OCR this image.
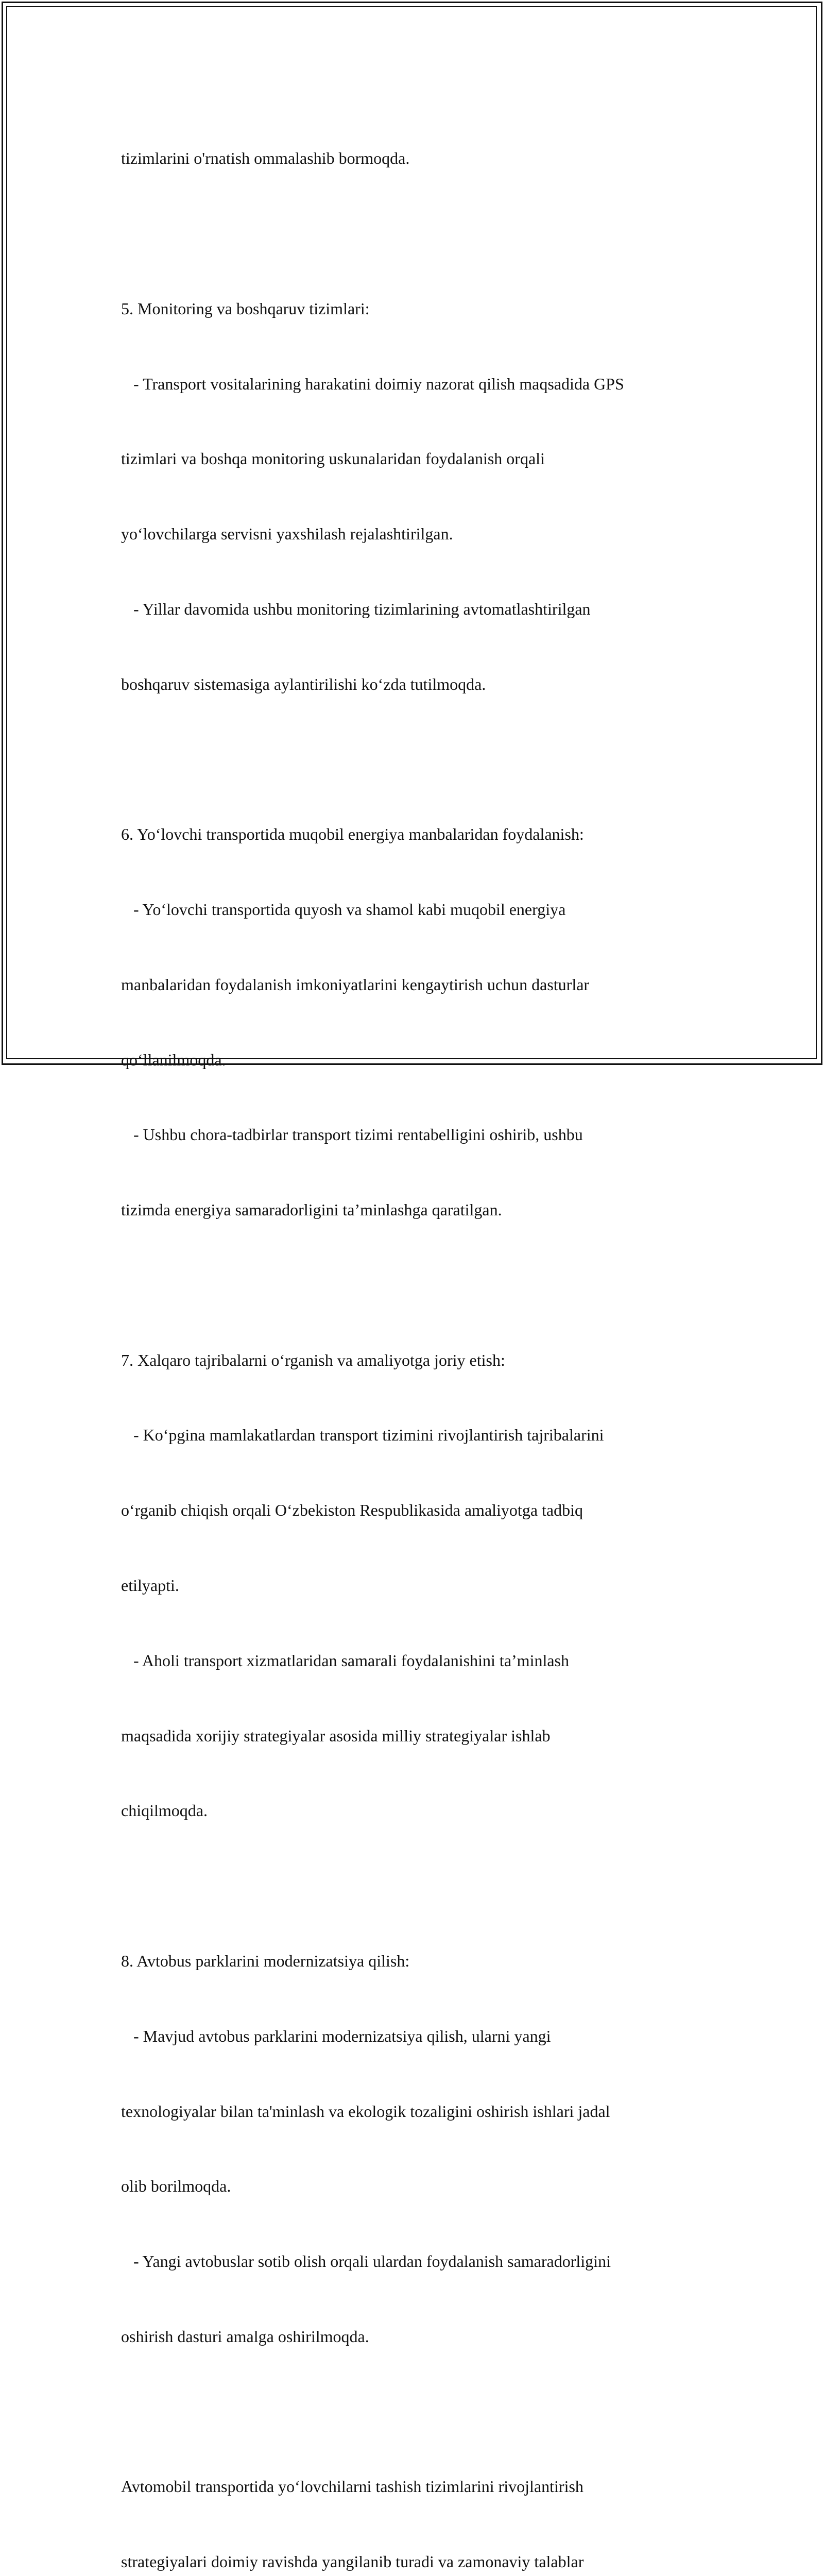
tizimlarini o'rnatish ommalashib bormoqda.

5. Monitoring va boshqaruv tizimlari:

- Transport vositalarining harakatini doimiy nazorat qilish maqsadida GPS

tizimlari va boshqa monitoring uskunalaridan foydalanish orqali

yo‘lovchilarga servisni yaxshilash rejalashtirilgan.

- Yillar davomida ushbu monitoring tizimlarining avtomatlashtirilgan

boshqaruv sistemasiga aylantirilishi ko‘zda tutilmoqda.

6. Yo‘lovchi transportida muqobil energiya manbalaridan foydalanish:

- Yo‘lovchi transportida quyosh va shamol kabi muqobil energiya

manbalaridan foydalanish imkoniyatlarini kengaytirish uchun dasturlar

qo‘llanilmoqda.

- Ushbu chora-tadbirlar transport tizimi rentabelligini oshirib, ushbu

tizimda energiya samaradorligini ta’minlashga qaratilgan.

7. Xalqaro tajribalarni o‘rganish va amaliyotga joriy etish:

- Ko‘pgina mamlakatlardan transport tizimini rivojlantirish tajribalarini

o‘rganib chiqish orqali O‘zbekiston Respublikasida amaliyotga tadbiq

etilyapti.

- Aholi transport xizmatlaridan samarali foydalanishini ta’minlash

maqsadida xorijiy strategiyalar asosida milliy strategiyalar ishlab

chiqilmoqda.

8. Avtobus parklarini modernizatsiya qilish:

- Mavjud avtobus parklarini modernizatsiya qilish, ularni yangi

texnologiyalar bilan ta'minlash va ekologik tozaligini oshirish ishlari jadal

olib borilmoqda.

- Yangi avtobuslar sotib olish orqali ulardan foydalanish samaradorligini

oshirish dasturi amalga oshirilmoqda.

Avtomobil transportida yo‘lovchilarni tashish tizimlarini rivojlantirish

strategiyalari doimiy ravishda yangilanib turadi va zamonaviy talablar
